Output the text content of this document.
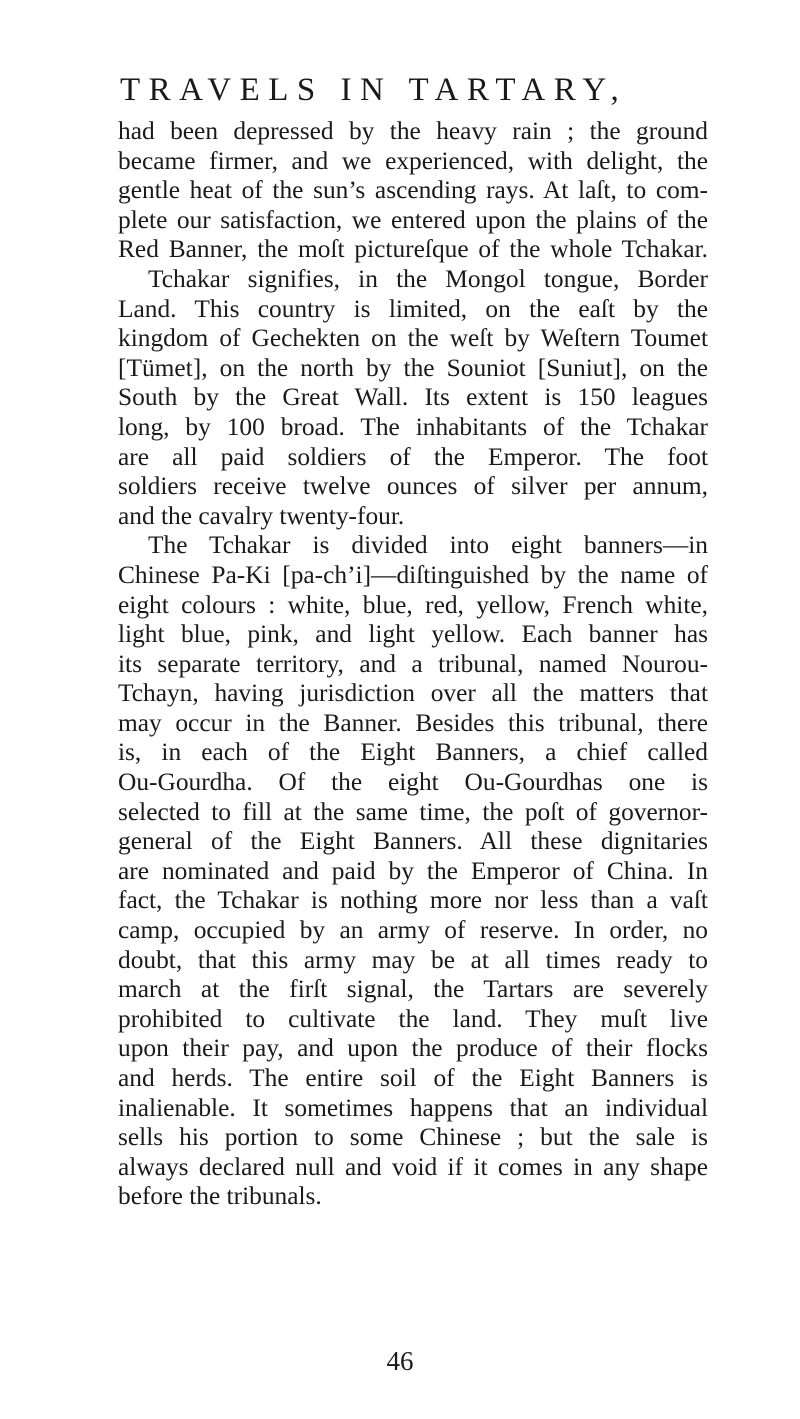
TRAVELS IN TARTARY,
had been depressed by the heavy rain ; the ground
became firmer, and we experienced, with delight, the
gentle heat of the sun’s ascending rays. At laſt, to com-
plete our satisfaction, we entered upon the plains of the
Red Banner, the moſt pictureſque of the whole Tchakar.
Tchakar signifies, in the Mongol tongue, Border
Land. This country is limited, on the eaſt by the
kingdom of Gechekten on the weſt by Weſtern Toumet
[Tümet], on the north by the Souniot [Suniut], on the
South by the Great Wall. Its extent is 150 leagues
long, by 100 broad. The inhabitants of the Tchakar
are all paid soldiers of the Emperor. The foot
soldiers receive twelve ounces of silver per annum,
and the cavalry twenty-four.
The Tchakar is divided into eight banners—in
Chinese Pa-Ki [pa-ch’i]—diſtinguished by the name of
eight colours : white, blue, red, yellow, French white,
light blue, pink, and light yellow. Each banner has
its separate territory, and a tribunal, named Nourou-
Tchayn, having jurisdiction over all the matters that
may occur in the Banner. Besides this tribunal, there
is, in each of the Eight Banners, a chief called
Ou-Gourdha. Of the eight Ou-Gourdhas one is
selected to fill at the same time, the poſt of governor-
general of the Eight Banners. All these dignitaries
are nominated and paid by the Emperor of China. In
fact, the Tchakar is nothing more nor less than a vaſt
camp, occupied by an army of reserve. In order, no
doubt, that this army may be at all times ready to
march at the firſt signal, the Tartars are severely
prohibited to cultivate the land. They muſt live
upon their pay, and upon the produce of their flocks
and herds. The entire soil of the Eight Banners is
inalienable. It sometimes happens that an individual
sells his portion to some Chinese ; but the sale is
always declared null and void if it comes in any shape
before the tribunals.
46
